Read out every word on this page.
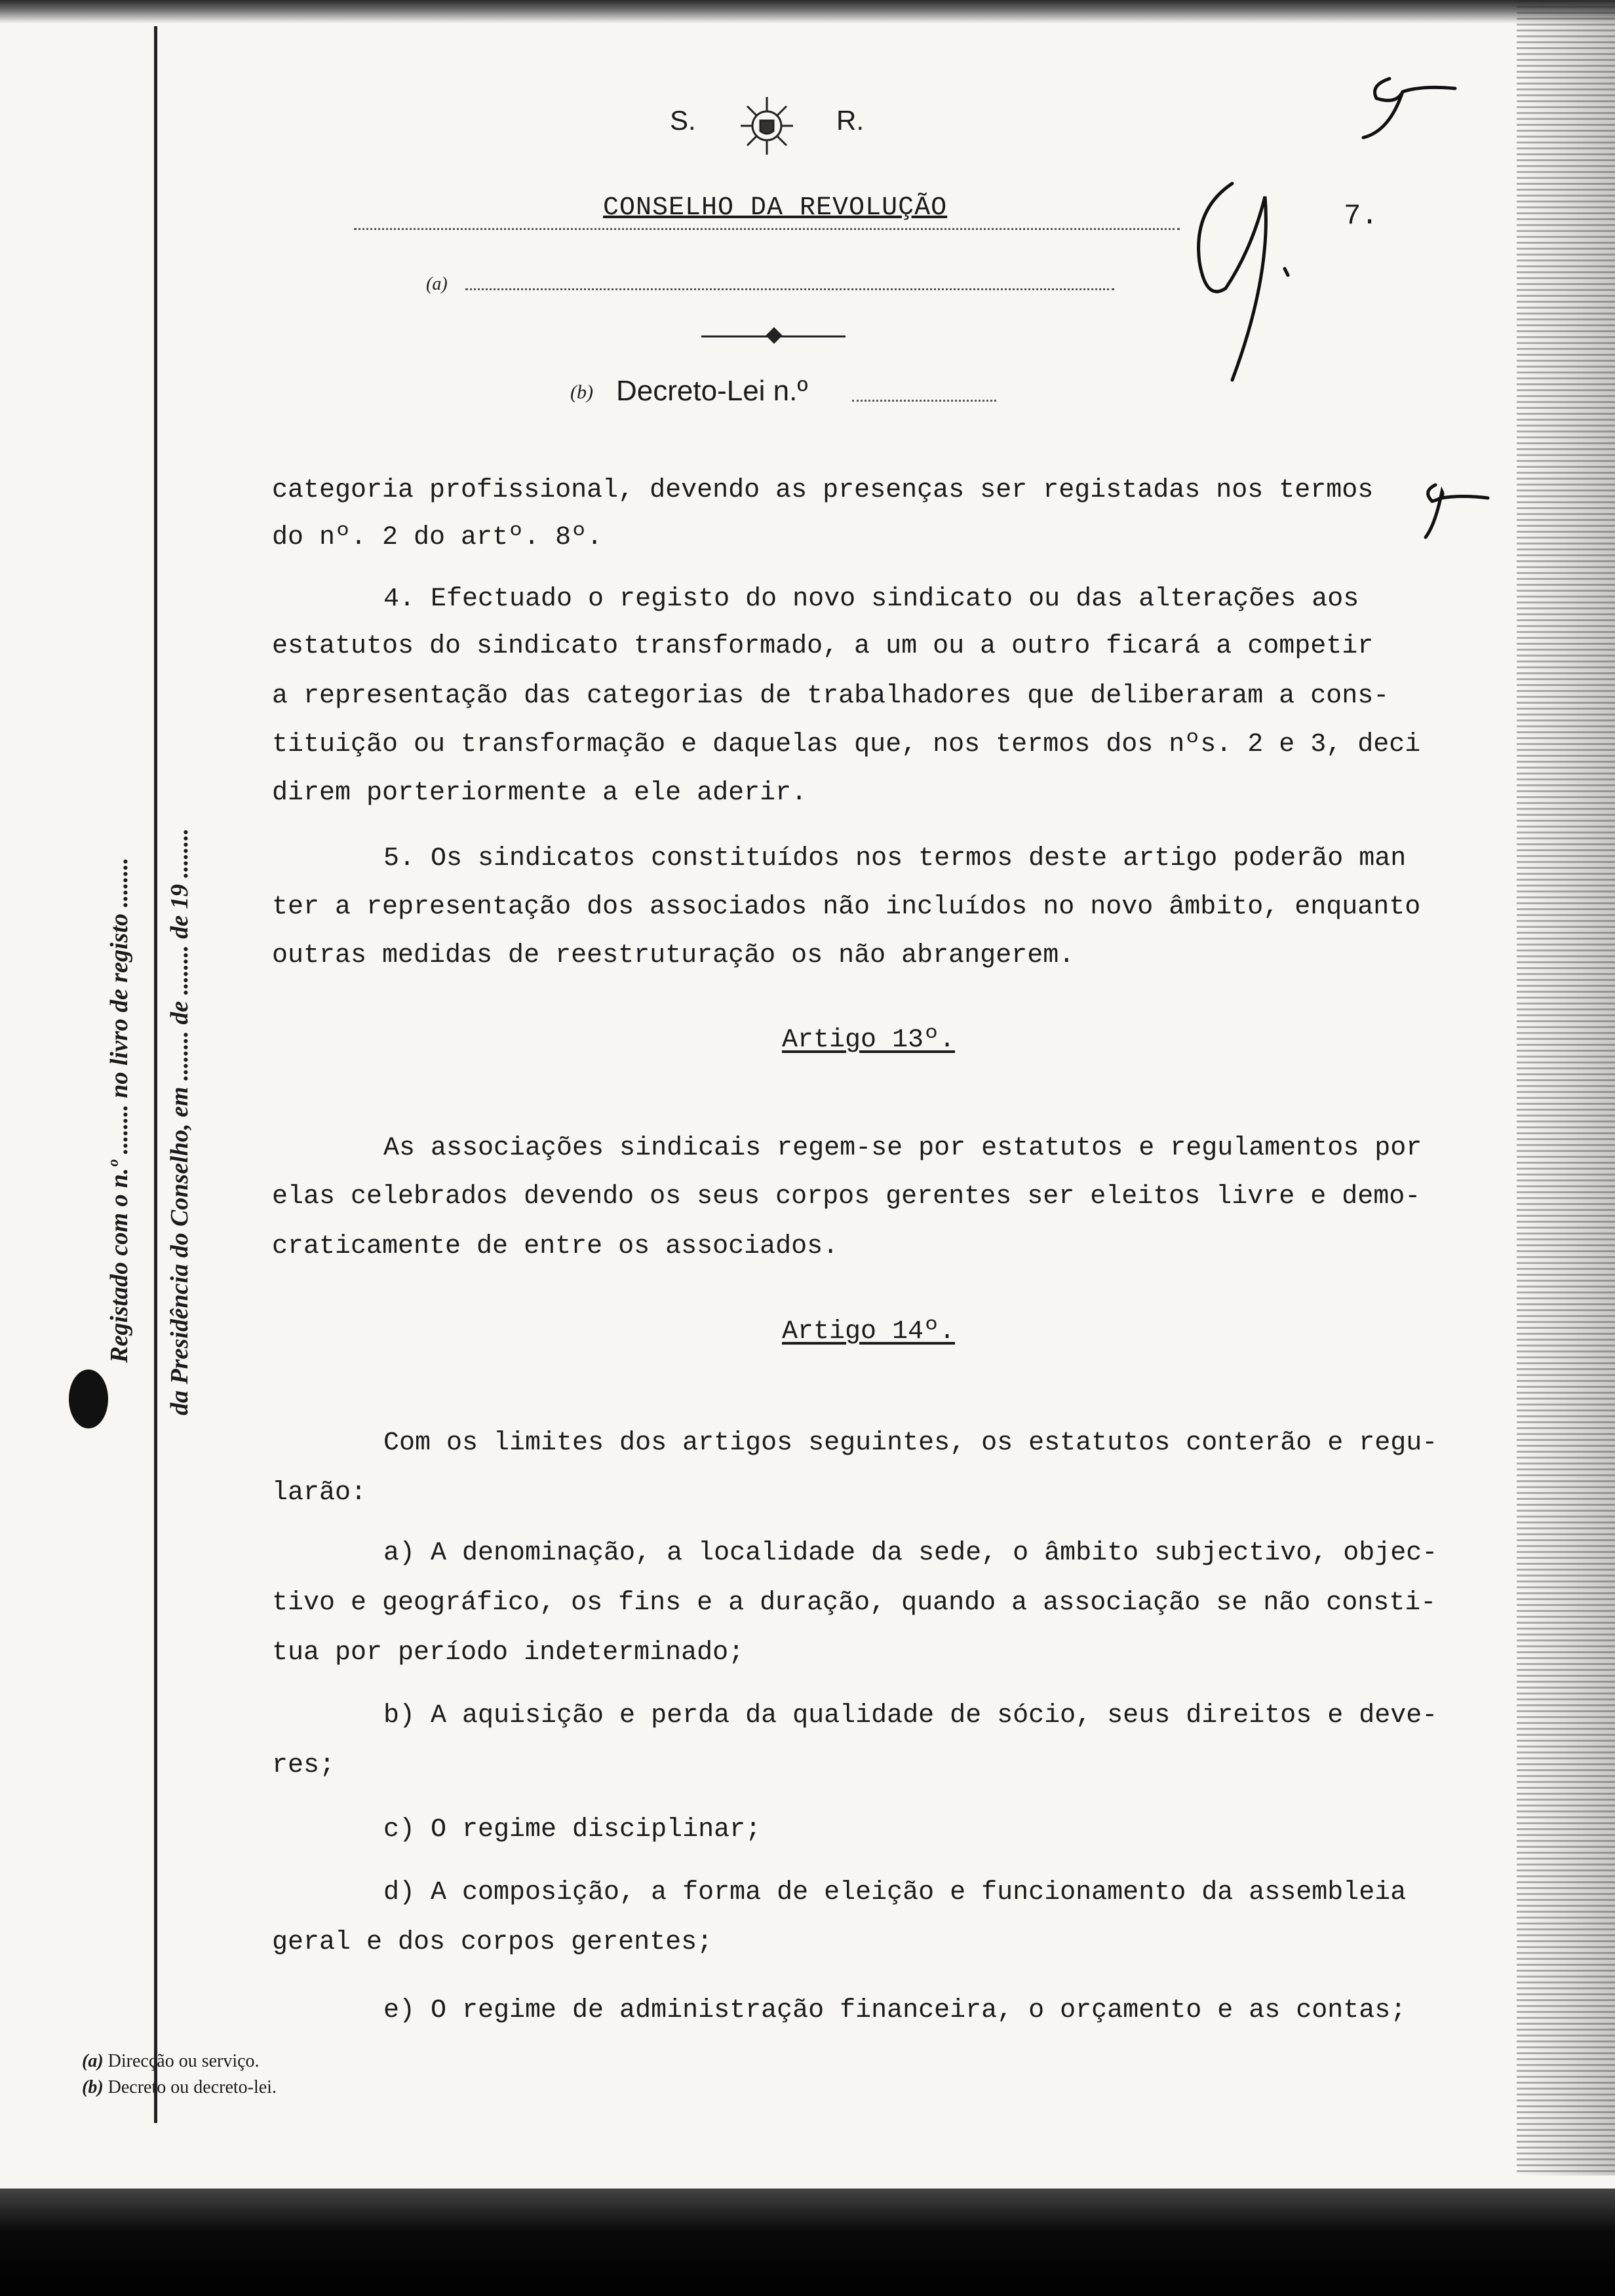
S.	R.
CONSELHO DA REVOLUÇÃO	7.
(a)
(b) Decreto-Lei n.º
categoria profissional, devendo as presenças ser registadas nos termos
do nº. 2 do artº. 8º.
4. Efectuado o registo do novo sindicato ou das alterações aos
estatutos do sindicato transformado, a um ou a outro ficará a competir
a representação das categorias de trabalhadores que deliberaram a cons-
tituição ou transformação e daquelas que, nos termos dos nºs. 2 e 3, deci
direm porteriormente a ele aderir.
5. Os sindicatos constituídos nos termos deste artigo poderão man
ter a representação dos associados não incluídos no novo âmbito, enquanto
outras medidas de reestruturação os não abrangerem.
Artigo 13º.
As associações sindicais regem-se por estatutos e regulamentos por
elas celebrados devendo os seus corpos gerentes ser eleitos livre e demo-
craticamente de entre os associados.
Artigo 14º.
Com os limites dos artigos seguintes, os estatutos conterão e regu-
larão:
a) A denominação, a localidade da sede, o âmbito subjectivo, objec-
tivo e geográfico, os fins e a duração, quando a associação se não consti-
tua por período indeterminado;
b) A aquisição e perda da qualidade de sócio, seus direitos e deve-
res;
c) O regime disciplinar;
d) A composição, a forma de eleição e funcionamento da assembleia
geral e dos corpos gerentes;
e) O regime de administração financeira, o orçamento e as contas;
Registado com o n.º ........ no livro de registo ........ da Presidência do Conselho, em ........ de ........ de 19 ........
(a) Direcção ou serviço.
(b) Decreto ou decreto-lei.
